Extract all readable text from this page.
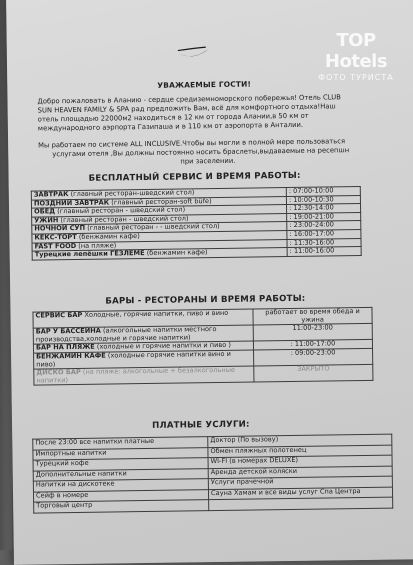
УВАЖАЕМЫЕ ГОСТИ!
Добро пожаловать в Аланию - сердце средиземноморского побережья! Отель CLUB
SUN HEAVEN FAMILY & SPA рад предложить Вам, всё для комфортного отдыха!Наш
отель площадью 22000м2 находиться в 12 км от города Алании,в 50 км от
международного аэрпорта Газипаша и в 110 км от аэропорта в Анталии.
Мы работаем по системе ALL INCLUSIVE.Чтобы вы могли в полной мере пользоваться
услугами отеля ,Вы должны постоянно носить браслеты,выдаваемые на ресепшн
при заселении.
БЕСПЛАТНЫЙ СЕРВИС И ВРЕМЯ РАБОТЫ:
ЗАВТРАК (главный ресторан-шведский стол)	: 07:00-10:00
ПОЗДНИЙ ЗАВТРАК (главный ресторан-soft büfe)	: 10:00-10:30
ОБЕД (главный ресторан - шведский стол)	: 12:30-14:00
УЖИН (главный ресторан - шведский стол)	: 19:00-21:00
НОЧНОЙ СУП (главный ресторан - - шведский стол)	: 23:00-24:00
КЕКС-ТОРТ (бенжамин кафе)	: 16:00-17:00
FAST FOOD (на пляже)	: 11:30-16:00
Турецкие лепёшки ГЁЗЛЕМЕ (бенжамин кафе)	: 11:00-16:00
БАРЫ - РЕСТОРАНЫ И ВРЕМЯ РАБОТЫ:
СЕРВИС БАР Холодные, горячие напитки, пиво и вино	работает во время обеда и ужина
БАР У БАССЕЙНА (алкогольные напитки местного производства,холодные и горячие напитки)	11:00-23:00
БАР НА ПЛЯЖЕ (холодные и горячие напитки и пиво )	: 11:00-17:00
БЕНЖАМИН КАФЕ (холодные горячие напитки вино и пиво)	: 09:00-23:00
ДИСКО БАР (на пляже: алкогольные + безалкогольные напитки)	ЗАКРЫТО
ПЛАТНЫЕ УСЛУГИ:
После 23:00 все напитки платные	Доктор (По вызову)
Импортные напитки	Обмен пляжных полотенец
Турецкий кофе	WI-FI (в номерах DELUXE)
Дополнительные напитки	Аренда детской коляски
Напитки на дискотеке	Услуги прачечной
Сейф в номере	Сауна Хамам и все виды услуг Спа Центра
Торговый центр	
TOP Hotels
ФОТО ТУРИСТА
